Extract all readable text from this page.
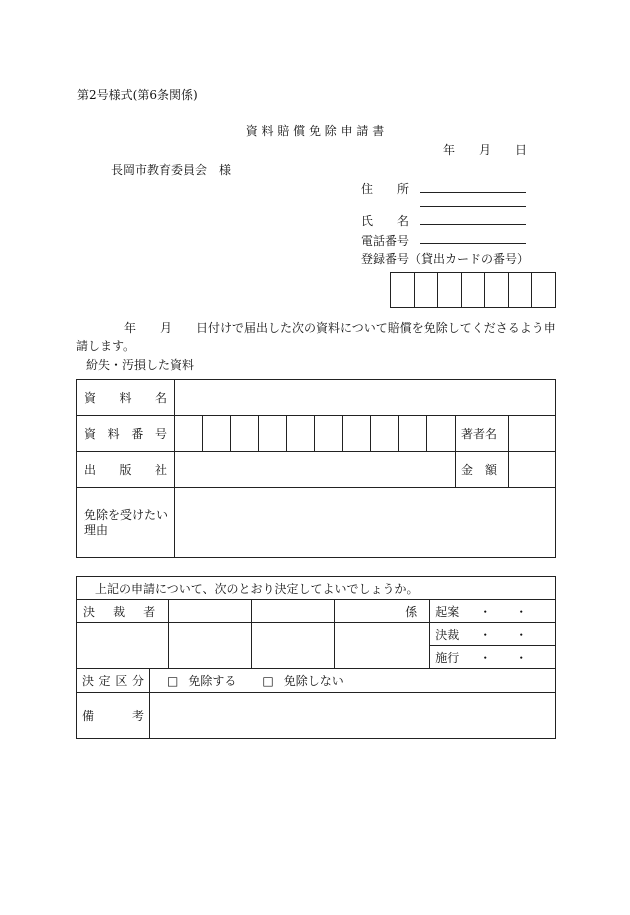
第2号様式(第6条関係)
資 料 賠 償 免 除 申 請 書
年　　月　　日
長岡市教育委員会　様
住　　所
氏　　名
電話番号
登録番号（貸出カードの番号）

年　　月　　日付けで届出した次の資料について賠償を免除してくださるよう申
請します。
紛失・汚損した資料
資　料　名												

資 料 番 号											著者名	

出　版　社											金　額	
免除を受けたい理由												
上記の申請について、次のとおり決定してよいでしょうか。					

決　裁　者				係	起案 ・　　・
					決裁 ・　　・
					施行 ・　　・

決 定 区 分	□ 免除する □ 免除しない				

備　　考					
